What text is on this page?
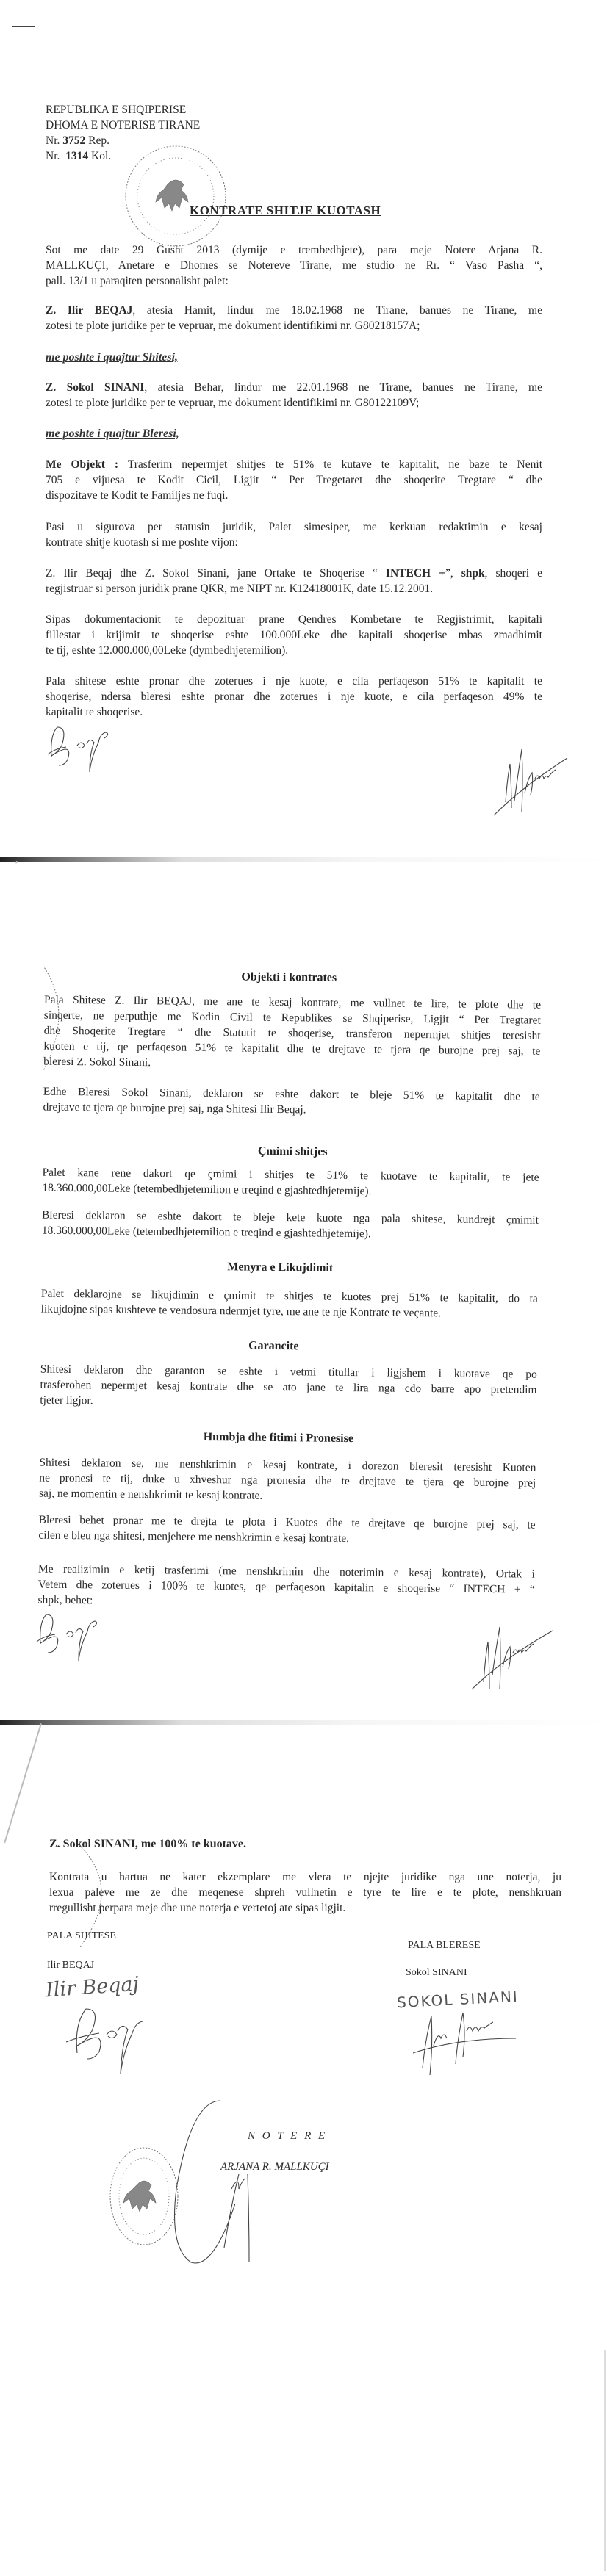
REPUBLIKA E SHQIPERISE
DHOMA E NOTERISE TIRANE
Nr. 3752 Rep.
Nr. 1314 Kol.
KONTRATE SHITJE KUOTASH
Sot me date 29 Gusht 2013 (dymije e trembedhjete), para meje Notere Arjana R.
MALLKUÇI, Anetare e Dhomes se Notereve Tirane, me studio ne Rr. “ Vaso Pasha “,
pall. 13/1 u paraqiten personalisht palet:
Z. Ilir BEQAJ, atesia Hamit, lindur me 18.02.1968 ne Tirane, banues ne Tirane, me
zotesi te plote juridike per te vepruar, me dokument identifikimi nr. G80218157A;
me poshte i quajtur Shitesi,
Z. Sokol SINANI, atesia Behar, lindur me 22.01.1968 ne Tirane, banues ne Tirane, me
zotesi te plote juridike per te vepruar, me dokument identifikimi nr. G80122109V;
me poshte i quajtur Bleresi,
Me Objekt : Trasferim nepermjet shitjes te 51% te kutave te kapitalit, ne baze te Nenit
705 e vijuesa te Kodit Cicil, Ligjit “ Per Tregetaret dhe shoqerite Tregtare “ dhe
dispozitave te Kodit te Familjes ne fuqi.
Pasi u sigurova per statusin juridik, Palet simesiper, me kerkuan redaktimin e kesaj
kontrate shitje kuotash si me poshte vijon:
Z. Ilir Beqaj dhe Z. Sokol Sinani, jane Ortake te Shoqerise “ INTECH +”, shpk, shoqeri e
regjistruar si person juridik prane QKR, me NIPT nr. K12418001K, date 15.12.2001.
Sipas dokumentacionit te depozituar prane Qendres Kombetare te Regjistrimit, kapitali
fillestar i krijimit te shoqerise eshte 100.000Leke dhe kapitali shoqerise mbas zmadhimit
te tij, eshte 12.000.000,00Leke (dymbedhjetemilion).
Pala shitese eshte pronar dhe zoterues i nje kuote, e cila perfaqeson 51% te kapitalit te
shoqerise, ndersa bleresi eshte pronar dhe zoterues i nje kuote, e cila perfaqeson 49% te
kapitalit te shoqerise.
Objekti i kontrates
Pala Shitese Z. Ilir BEQAJ, me ane te kesaj kontrate, me vullnet te lire, te plote dhe te
sinqerte, ne perputhje me Kodin Civil te Republikes se Shqiperise, Ligjit “ Per Tregtaret
dhe Shoqerite Tregtare “ dhe Statutit te shoqerise, transferon nepermjet shitjes teresisht
kuoten e tij, qe perfaqeson 51% te kapitalit dhe te drejtave te tjera qe burojne prej saj, te
bleresi Z. Sokol Sinani.
Edhe Bleresi Sokol Sinani, deklaron se eshte dakort te bleje 51% te kapitalit dhe te
drejtave te tjera qe burojne prej saj, nga Shitesi Ilir Beqaj.
Çmimi shitjes
Palet kane rene dakort qe çmimi i shitjes te 51% te kuotave te kapitalit, te jete
18.360.000,00Leke (tetembedhjetemilion e treqind e gjashtedhjetemije).
Bleresi deklaron se eshte dakort te bleje kete kuote nga pala shitese, kundrejt çmimit
18.360.000,00Leke (tetembedhjetemilion e treqind e gjashtedhjetemije).
Menyra e Likujdimit
Palet deklarojne se likujdimin e çmimit te shitjes te kuotes prej 51% te kapitalit, do ta
likujdojne sipas kushteve te vendosura ndermjet tyre, me ane te nje Kontrate te veçante.
Garancite
Shitesi deklaron dhe garanton se eshte i vetmi titullar i ligjshem i kuotave qe po
trasferohen nepermjet kesaj kontrate dhe se ato jane te lira nga cdo barre apo pretendim
tjeter ligjor.
Humbja dhe fitimi i Pronesise
Shitesi deklaron se, me nenshkrimin e kesaj kontrate, i dorezon bleresit teresisht Kuoten
ne pronesi te tij, duke u xhveshur nga pronesia dhe te drejtave te tjera qe burojne prej
saj, ne momentin e nenshkrimit te kesaj kontrate.
Bleresi behet pronar me te drejta te plota i Kuotes dhe te drejtave qe burojne prej saj, te
cilen e bleu nga shitesi, menjehere me nenshkrimin e kesaj kontrate.
Me realizimin e ketij trasferimi (me nenshkrimin dhe noterimin e kesaj kontrate), Ortak i
Vetem dhe zoterues i 100% te kuotes, qe perfaqeson kapitalin e shoqerise “ INTECH + “
shpk, behet:
Z. Sokol SINANI, me 100% te kuotave.
Kontrata u hartua ne kater ekzemplare me vlera te njejte juridike nga une noterja, ju
lexua paleve me ze dhe meqenese shpreh vullnetin e tyre te lire e te plote, nenshkruan
rregullisht perpara meje dhe une noterja e vertetoj ate sipas ligjit.
PALA SHITESE
PALA BLERESE
Ilir BEQAJ
Sokol SINANI
Ilir Beqaj	SOKOL SINANI
N O T E R E
ARJANA R. MALLKUÇI
